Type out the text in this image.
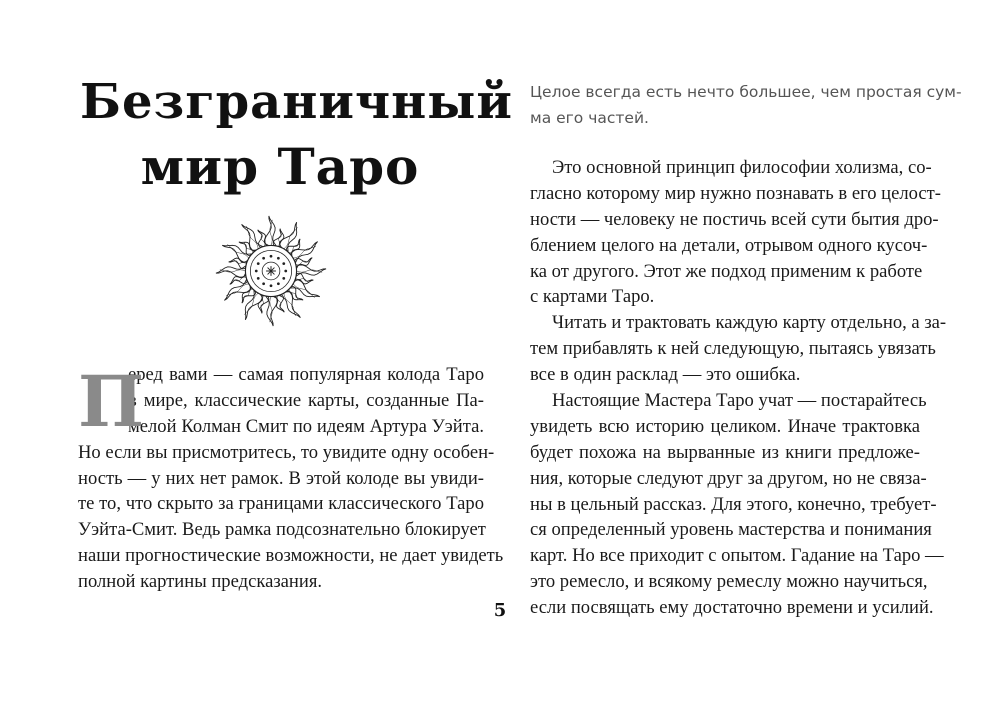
Безграничный
мир Таро
П
еред вами — самая популярная колода Таро
в мире, классические карты, созданные Па-
мелой Колман Смит по идеям Артура Уэйта.
Но если вы присмотритесь, то увидите одну особен-
ность — у них нет рамок. В этой колоде вы увиди-
те то, что скрыто за границами классического Таро
Уэйта-Смит. Ведь рамка подсознательно блокирует
наши прогностические возможности, не дает увидеть
полной картины предсказания.
Целое всегда есть нечто большее, чем простая сум-
ма его частей.
Это основной принцип философии холизма, со-
гласно которому мир нужно познавать в его целост-
ности — человеку не постичь всей сути бытия дро-
блением целого на детали, отрывом одного кусоч-
ка от другого. Этот же подход применим к работе
с картами Таро.
Читать и трактовать каждую карту отдельно, а за-
тем прибавлять к ней следующую, пытаясь увязать
все в один расклад — это ошибка.
Настоящие Мастера Таро учат — постарайтесь
увидеть всю историю целиком. Иначе трактовка
будет похожа на вырванные из книги предложе-
ния, которые следуют друг за другом, но не связа-
ны в цельный рассказ. Для этого, конечно, требует-
ся определенный уровень мастерства и понимания
карт. Но все приходит с опытом. Гадание на Таро —
это ремесло, и всякому ремеслу можно научиться,
если посвящать ему достаточно времени и усилий.
5
